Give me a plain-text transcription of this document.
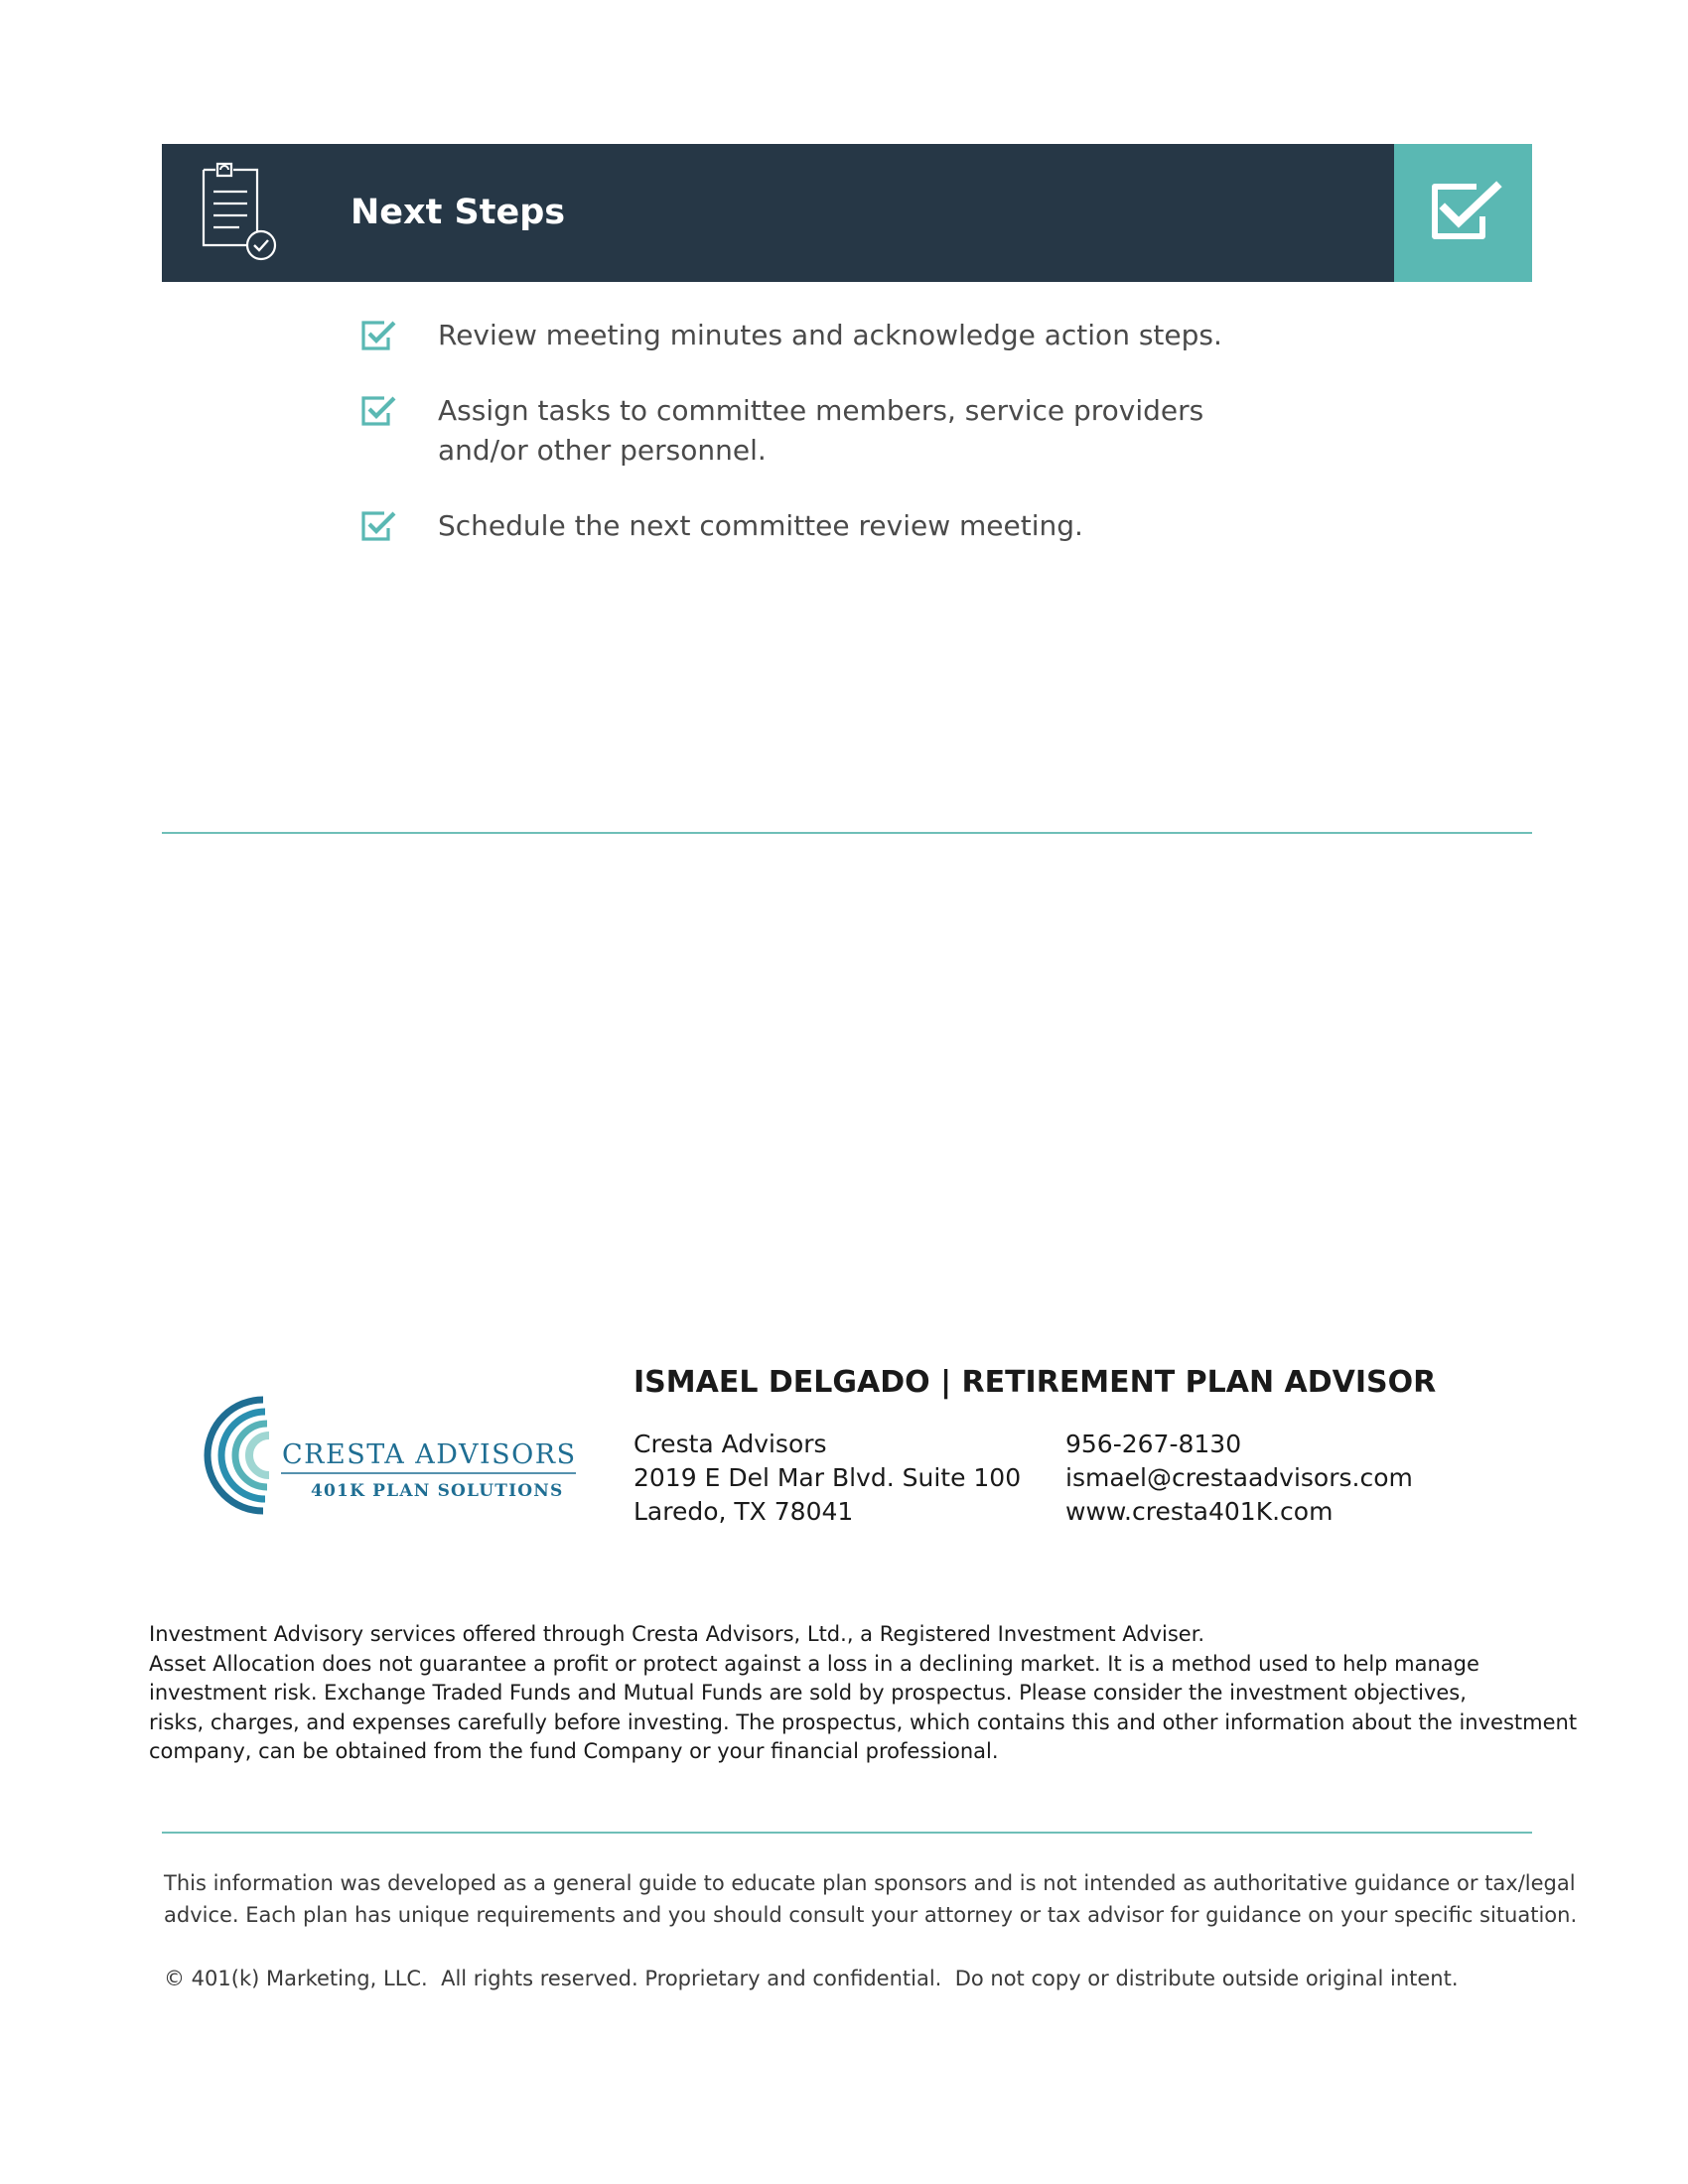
Next Steps
Review meeting minutes and acknowledge action steps.
Assign tasks to committee members, service providers
and/or other personnel.
Schedule the next committee review meeting.
CRESTA ADVISORS
401K PLAN SOLUTIONS
ISMAEL DELGADO | RETIREMENT PLAN ADVISOR
Cresta Advisors
2019 E Del Mar Blvd. Suite 100
Laredo, TX 78041
956-267-8130
ismael@crestaadvisors.com
www.cresta401K.com
Investment Advisory services offered through Cresta Advisors, Ltd., a Registered Investment Adviser.
Asset Allocation does not guarantee a profit or protect against a loss in a declining market. It is a method used to help manage
investment risk. Exchange Traded Funds and Mutual Funds are sold by prospectus. Please consider the investment objectives,
risks, charges, and expenses carefully before investing. The prospectus, which contains this and other information about the investment
company, can be obtained from the fund Company or your financial professional.
This information was developed as a general guide to educate plan sponsors and is not intended as authoritative guidance or tax/legal
advice. Each plan has unique requirements and you should consult your attorney or tax advisor for guidance on your specific situation.
© 401(k) Marketing, LLC.  All rights reserved. Proprietary and confidential.  Do not copy or distribute outside original intent.
